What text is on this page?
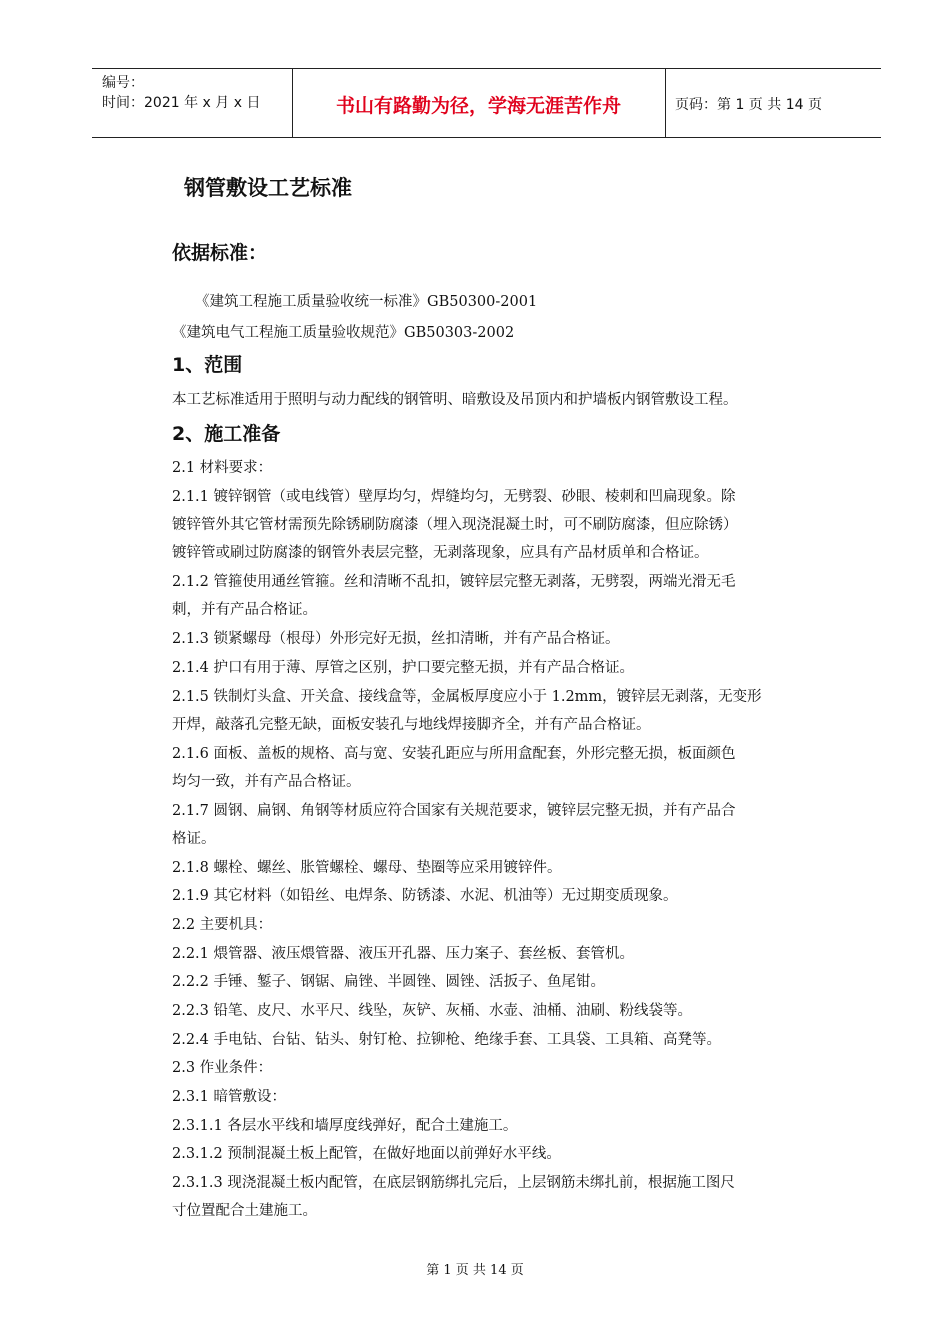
编号：
时间：2021 年 x 月 x 日	书山有路勤为径，学海无涯苦作舟	页码：第 1 页 共 14 页
钢管敷设工艺标准
依据标准：
《建筑工程施工质量验收统一标准》GB50300-2001
《建筑电气工程施工质量验收规范》GB50303-2002
1、范围
本工艺标准适用于照明与动力配线的钢管明、暗敷设及吊顶内和护墙板内钢管敷设工程。
2、施工准备
2.1 材料要求：
2.1.1 镀锌钢管（或电线管）壁厚均匀，焊缝均匀，无劈裂、砂眼、棱刺和凹扁现象。除
镀锌管外其它管材需预先除锈刷防腐漆（埋入现浇混凝土时，可不刷防腐漆，但应除锈）
镀锌管或刷过防腐漆的钢管外表层完整，无剥落现象，应具有产品材质单和合格证。
2.1.2 管箍使用通丝管箍。丝和清晰不乱扣，镀锌层完整无剥落，无劈裂，两端光滑无毛
刺，并有产品合格证。
2.1.3 锁紧螺母（根母）外形完好无损，丝扣清晰，并有产品合格证。
2.1.4 护口有用于薄、厚管之区别，护口要完整无损，并有产品合格证。
2.1.5 铁制灯头盒、开关盒、接线盒等，金属板厚度应小于 1.2mm，镀锌层无剥落，无变形
开焊，敲落孔完整无缺，面板安装孔与地线焊接脚齐全，并有产品合格证。
2.1.6 面板、盖板的规格、高与宽、安装孔距应与所用盒配套，外形完整无损，板面颜色
均匀一致，并有产品合格证。
2.1.7 圆钢、扁钢、角钢等材质应符合国家有关规范要求，镀锌层完整无损，并有产品合
格证。
2.1.8 螺栓、螺丝、胀管螺栓、螺母、垫圈等应采用镀锌件。
2.1.9 其它材料（如铅丝、电焊条、防锈漆、水泥、机油等）无过期变质现象。
2.2 主要机具：
2.2.1 煨管器、液压煨管器、液压开孔器、压力案子、套丝板、套管机。
2.2.2 手锤、錾子、钢锯、扁锉、半圆锉、圆锉、活扳子、鱼尾钳。
2.2.3 铅笔、皮尺、水平尺、线坠，灰铲、灰桶、水壶、油桶、油刷、粉线袋等。
2.2.4 手电钻、台钻、钻头、射钉枪、拉铆枪、绝缘手套、工具袋、工具箱、高凳等。
2.3 作业条件：
2.3.1 暗管敷设：
2.3.1.1 各层水平线和墙厚度线弹好，配合土建施工。
2.3.1.2 预制混凝土板上配管，在做好地面以前弹好水平线。
2.3.1.3 现浇混凝土板内配管，在底层钢筋绑扎完后，上层钢筋未绑扎前，根据施工图尺
寸位置配合土建施工。
第 1 页 共 14 页
